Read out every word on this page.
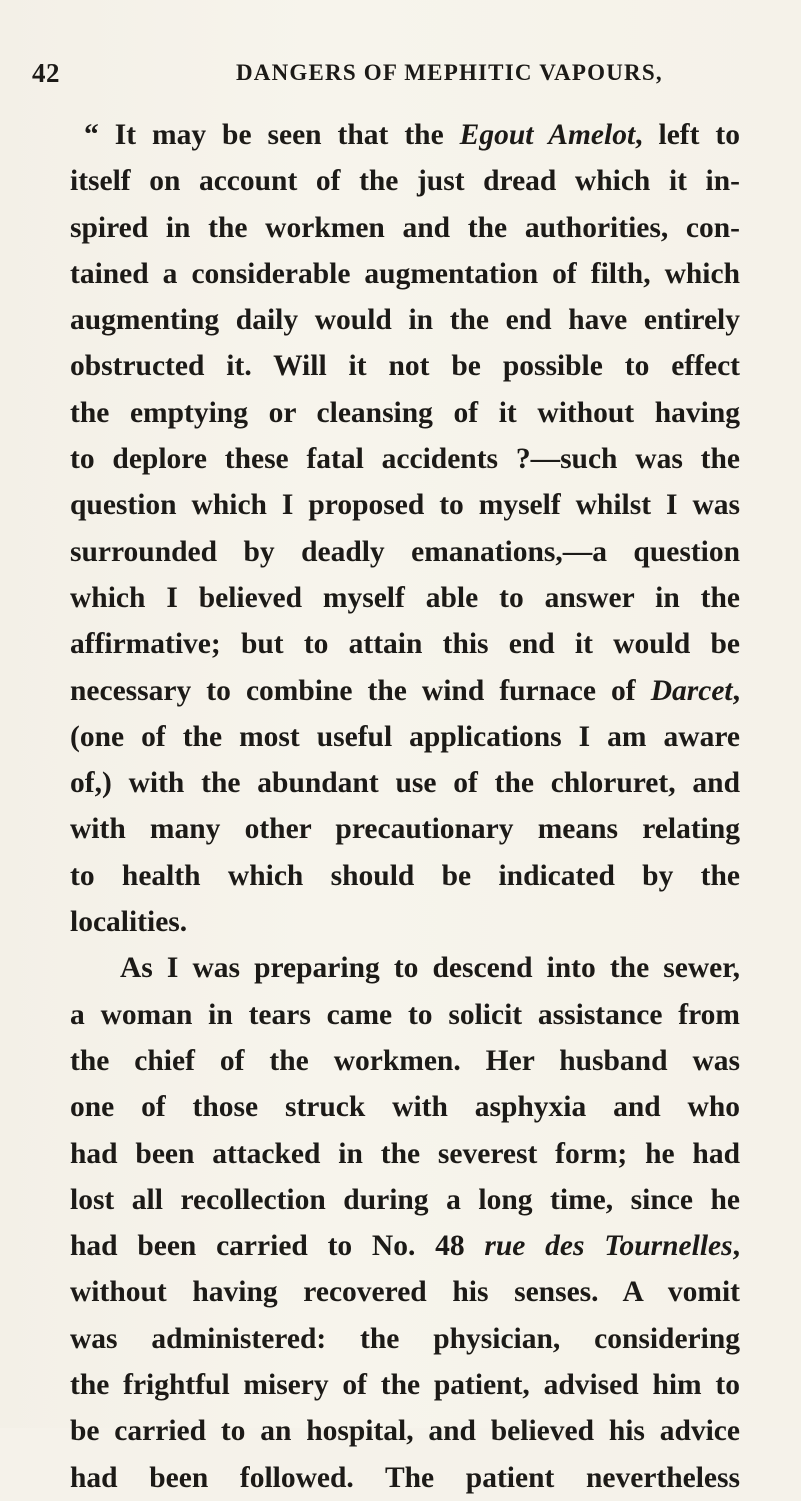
42	DANGERS OF MEPHITIC VAPOURS,
“ It may be seen that the Egout Amelot, left to
itself on account of the just dread which it in-
spired in the workmen and the authorities, con-
tained a considerable augmentation of filth, which
augmenting daily would in the end have entirely
obstructed it. Will it not be possible to effect
the emptying or cleansing of it without having
to deplore these fatal accidents ?—such was the
question which I proposed to myself whilst I was
surrounded by deadly emanations,—a question
which I believed myself able to answer in the
affirmative; but to attain this end it would be
necessary to combine the wind furnace of Darcet,
(one of the most useful applications I am aware
of,) with the abundant use of the chloruret, and
with many other precautionary means relating
to health which should be indicated by the
localities.
As I was preparing to descend into the sewer,
a woman in tears came to solicit assistance from
the chief of the workmen. Her husband was
one of those struck with asphyxia and who
had been attacked in the severest form; he had
lost all recollection during a long time, since he
had been carried to No. 48 rue des Tournelles,
without having recovered his senses. A vomit
was administered: the physician, considering
the frightful misery of the patient, advised him to
be carried to an hospital, and believed his advice
had been followed. The patient nevertheless
